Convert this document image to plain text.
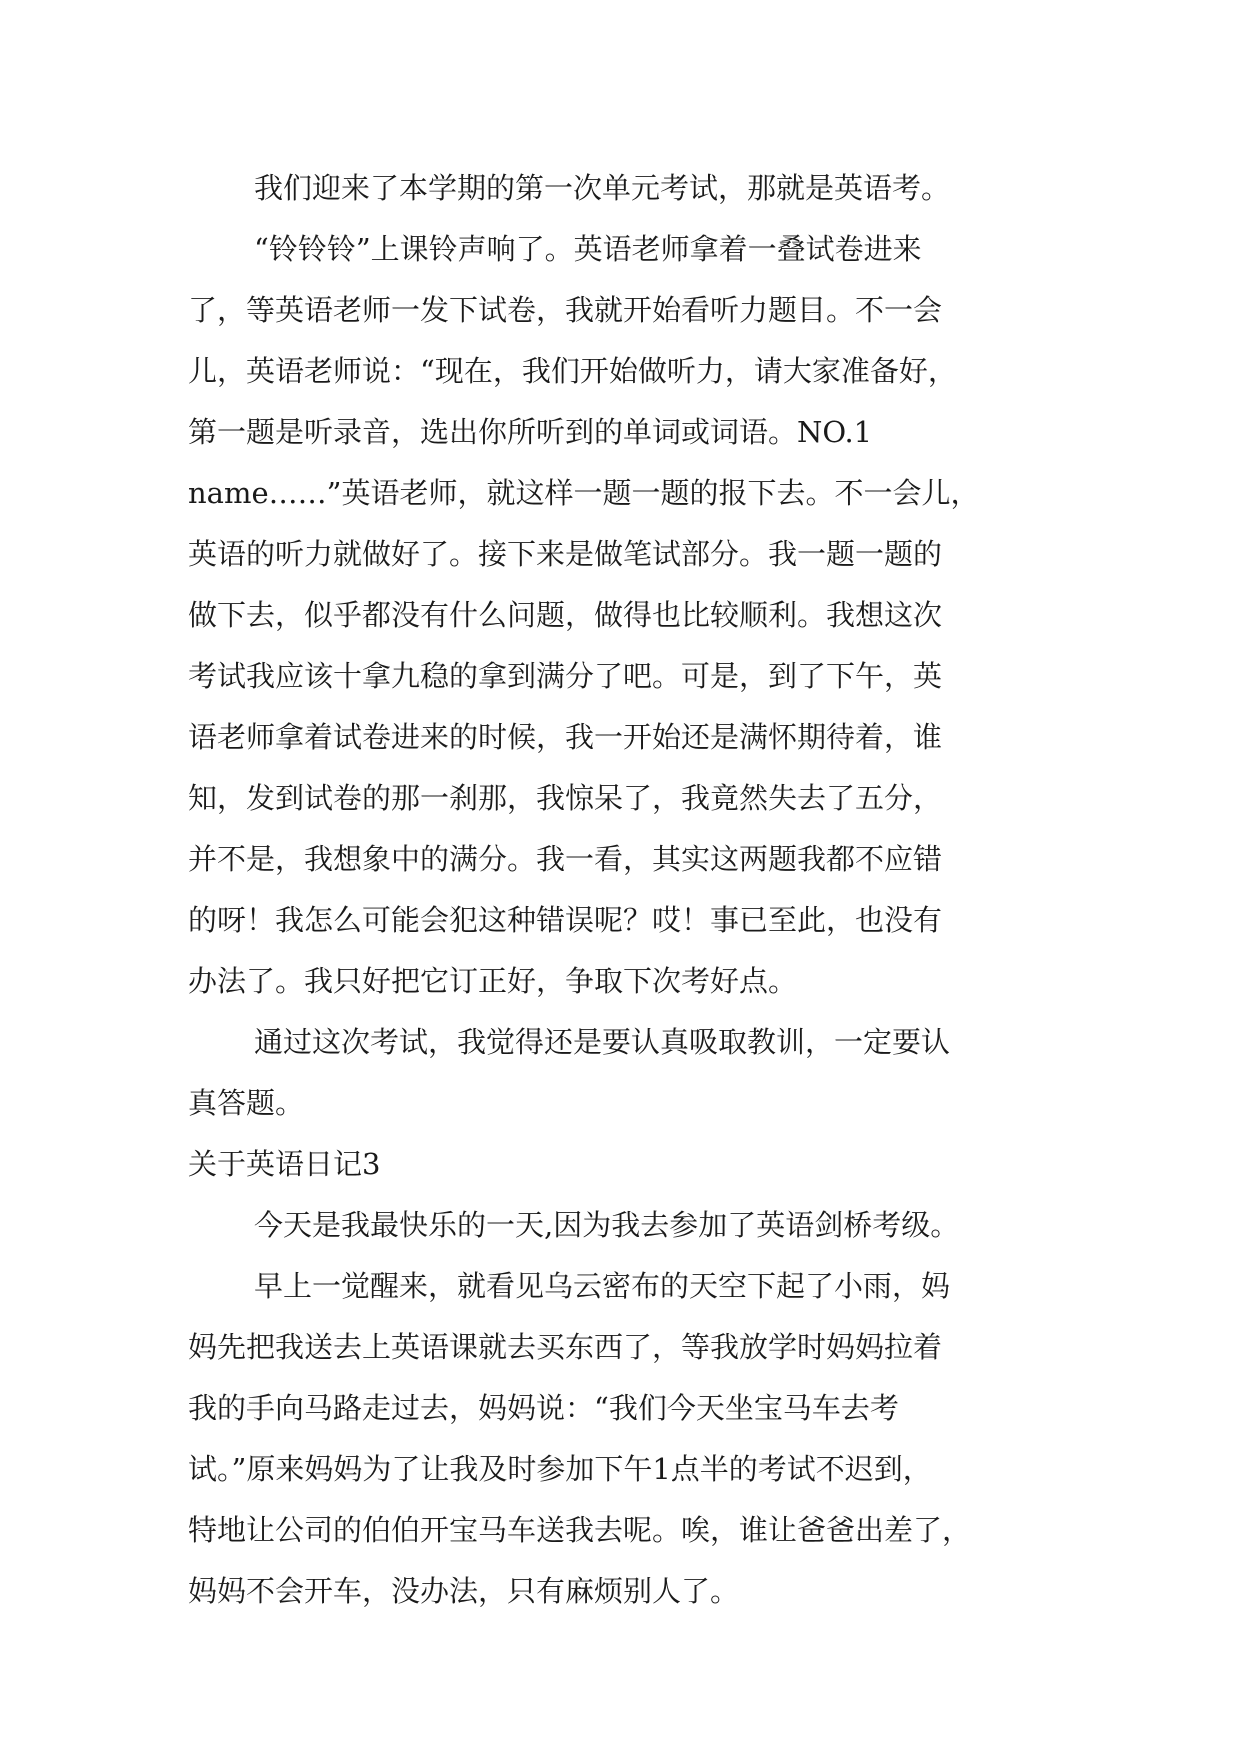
我们迎来了本学期的第一次单元考试，那就是英语考。
“铃铃铃”上课铃声响了。英语老师拿着一叠试卷进来
了，等英语老师一发下试卷，我就开始看听力题目。不一会
儿，英语老师说：“现在，我们开始做听力，请大家准备好，
第一题是听录音，选出你所听到的单词或词语。NO.1
name……”英语老师，就这样一题一题的报下去。不一会儿，
英语的听力就做好了。接下来是做笔试部分。我一题一题的
做下去，似乎都没有什么问题，做得也比较顺利。我想这次
考试我应该十拿九稳的拿到满分了吧。可是，到了下午，英
语老师拿着试卷进来的时候，我一开始还是满怀期待着，谁
知，发到试卷的那一刹那，我惊呆了，我竟然失去了五分，
并不是，我想象中的满分。我一看，其实这两题我都不应错
的呀！我怎么可能会犯这种错误呢？哎！事已至此，也没有
办法了。我只好把它订正好，争取下次考好点。
通过这次考试，我觉得还是要认真吸取教训，一定要认
真答题。
关于英语日记3
今天是我最快乐的一天,因为我去参加了英语剑桥考级。
早上一觉醒来，就看见乌云密布的天空下起了小雨，妈
妈先把我送去上英语课就去买东西了，等我放学时妈妈拉着
我的手向马路走过去，妈妈说：“我们今天坐宝马车去考
试。”原来妈妈为了让我及时参加下午1点半的考试不迟到，
特地让公司的伯伯开宝马车送我去呢。唉，谁让爸爸出差了，
妈妈不会开车，没办法，只有麻烦别人了。
